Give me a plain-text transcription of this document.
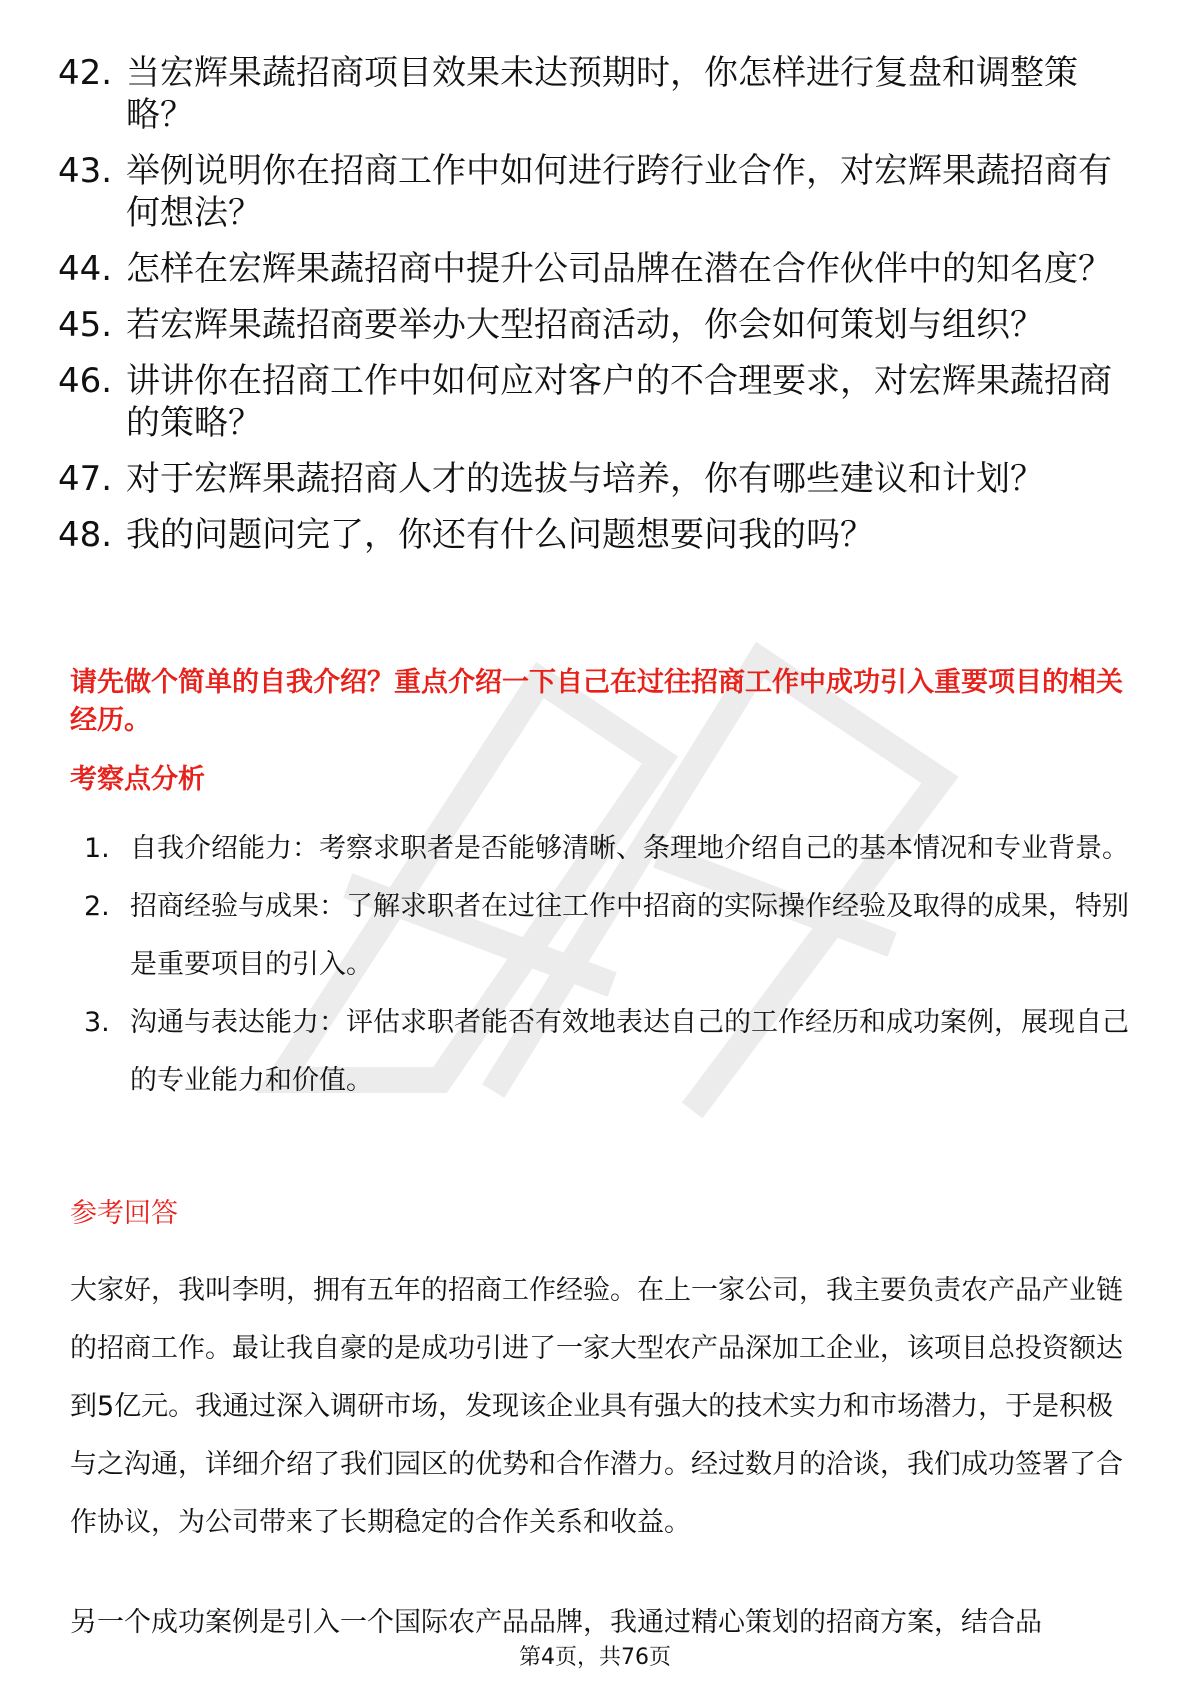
42. 当宏辉果蔬招商项目效果未达预期时，你怎样进行复盘和调整策略？
43. 举例说明你在招商工作中如何进行跨行业合作，对宏辉果蔬招商有何想法？
44. 怎样在宏辉果蔬招商中提升公司品牌在潜在合作伙伴中的知名度？
45. 若宏辉果蔬招商要举办大型招商活动，你会如何策划与组织？
46. 讲讲你在招商工作中如何应对客户的不合理要求，对宏辉果蔬招商的策略？
47. 对于宏辉果蔬招商人才的选拔与培养，你有哪些建议和计划？
48. 我的问题问完了，你还有什么问题想要问我的吗？
请先做个简单的自我介绍？重点介绍一下自己在过往招商工作中成功引入重要项目的相关经历。
考察点分析
1. 自我介绍能力：考察求职者是否能够清晰、条理地介绍自己的基本情况和专业背景。
2. 招商经验与成果：了解求职者在过往工作中招商的实际操作经验及取得的成果，特别是重要项目的引入。
3. 沟通与表达能力：评估求职者能否有效地表达自己的工作经历和成功案例，展现自己的专业能力和价值。
参考回答

大家好，我叫李明，拥有五年的招商工作经验。在上一家公司，我主要负责农产品产业链的招商工作。最让我自豪的是成功引进了一家大型农产品深加工企业，该项目总投资额达到5亿元。我通过深入调研市场，发现该企业具有强大的技术实力和市场潜力，于是积极与之沟通，详细介绍了我们园区的优势和合作潜力。经过数月的洽谈，我们成功签署了合作协议，为公司带来了长期稳定的合作关系和收益。

另一个成功案例是引入一个国际农产品品牌，我通过精心策划的招商方案，结合品

第4页，共76页
